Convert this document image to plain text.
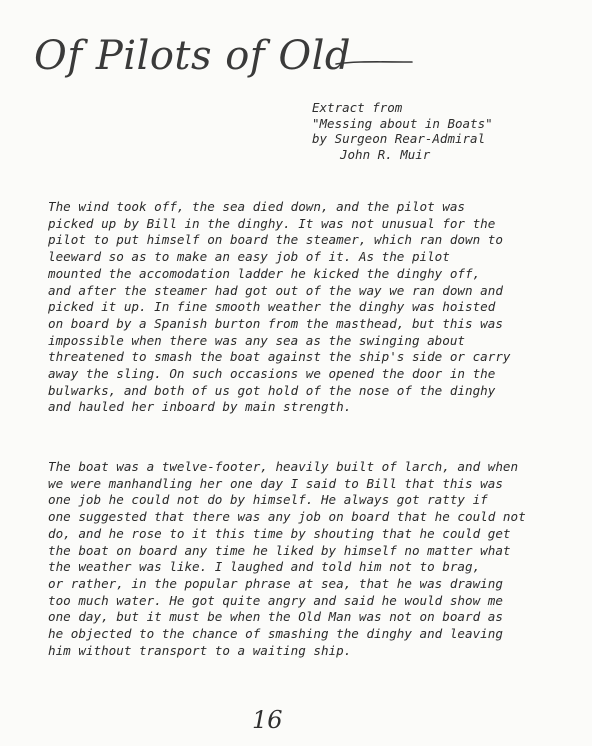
Of Pilots of Old
Extract from
"Messing about in Boats"
by Surgeon Rear-Admiral
John R. Muir
The wind took off, the sea died down, and the pilot was
picked up by Bill in the dinghy. It was not unusual for the
pilot to put himself on board the steamer, which ran down to
leeward so as to make an easy job of it. As the pilot
mounted the accomodation ladder he kicked the dinghy off,
and after the steamer had got out of the way we ran down and
picked it up. In fine smooth weather the dinghy was hoisted
on board by a Spanish burton from the masthead, but this was
impossible when there was any sea as the swinging about
threatened to smash the boat against the ship's side or carry
away the sling. On such occasions we opened the door in the
bulwarks, and both of us got hold of the nose of the dinghy
and hauled her inboard by main strength.
The boat was a twelve-footer, heavily built of larch, and when
we were manhandling her one day I said to Bill that this was
one job he could not do by himself. He always got ratty if
one suggested that there was any job on board that he could not
do, and he rose to it this time by shouting that he could get
the boat on board any time he liked by himself no matter what
the weather was like. I laughed and told him not to brag,
or rather, in the popular phrase at sea, that he was drawing
too much water. He got quite angry and said he would show me
one day, but it must be when the Old Man was not on board as
he objected to the chance of smashing the dinghy and leaving
him without transport to a waiting ship.
16
